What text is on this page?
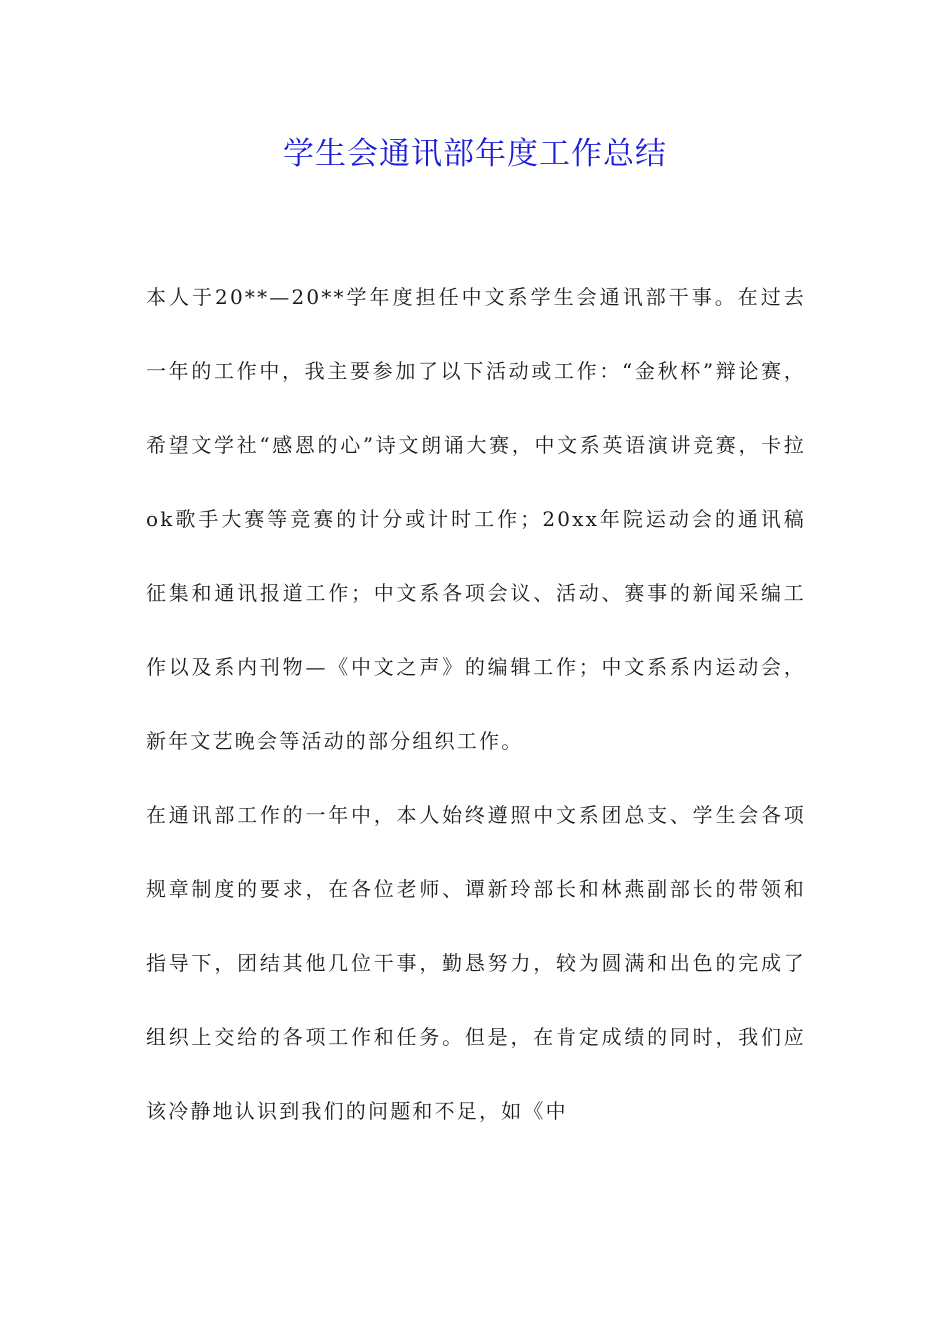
学生会通讯部年度工作总结

本人于20**—20**学年度担任中文系学生会通讯部干事。在过去一年的工作中，我主要参加了以下活动或工作：“金秋杯”辩论赛，希望文学社“感恩的心”诗文朗诵大赛，中文系英语演讲竞赛，卡拉ok歌手大赛等竞赛的计分或计时工作；20xx年院运动会的通讯稿征集和通讯报道工作；中文系各项会议、活动、赛事的新闻采编工作以及系内刊物—《中文之声》的编辑工作；中文系系内运动会，新年文艺晚会等活动的部分组织工作。

在通讯部工作的一年中，本人始终遵照中文系团总支、学生会各项规章制度的要求，在各位老师、谭新玲部长和林燕副部长的带领和指导下，团结其他几位干事，勤恳努力，较为圆满和出色的完成了组织上交给的各项工作和任务。但是，在肯定成绩的同时，我们应该冷静地认识到我们的问题和不足，如《中
